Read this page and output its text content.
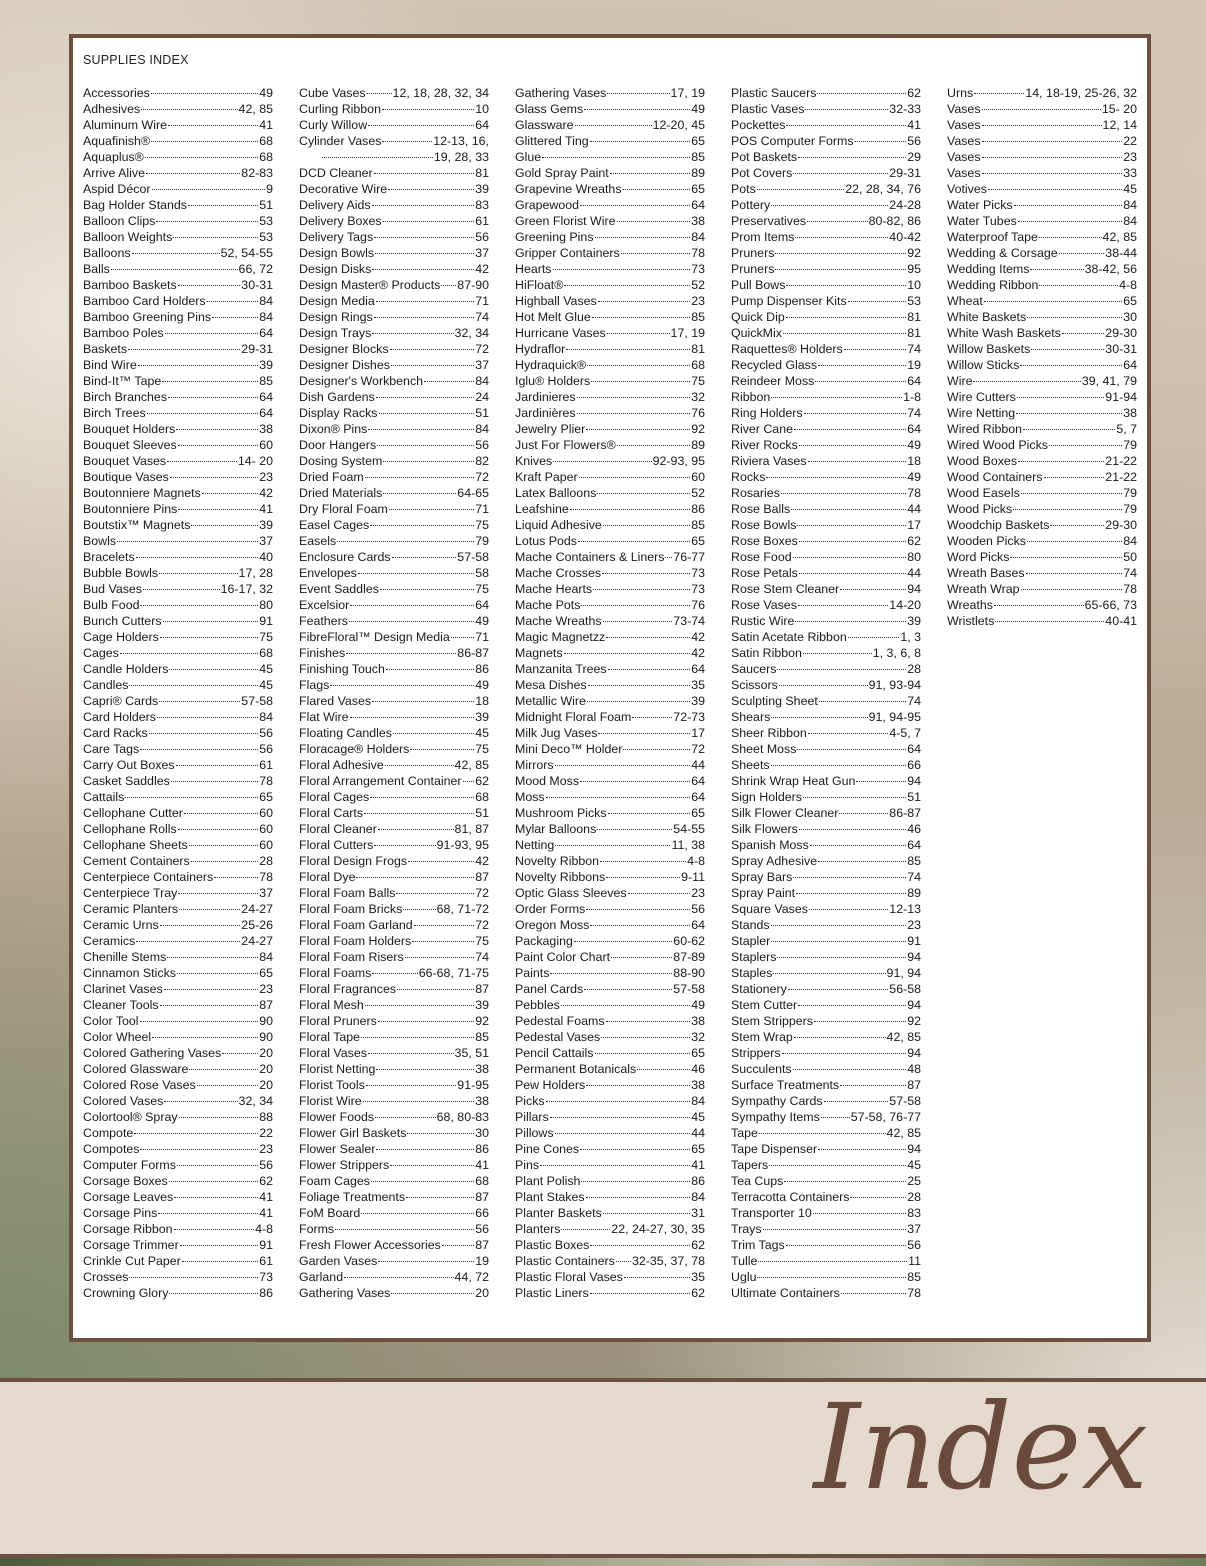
SUPPLIES INDEX
Accessories	49
Adhesives	42, 85
Aluminum Wire	41
Aquafinish®	68
Aquaplus®	68
Arrive Alive	82-83
Aspid Décor	9
Bag Holder Stands	51
Balloon Clips	53
Balloon Weights	53
Balloons	52, 54-55
Balls	66, 72
Bamboo Baskets	30-31
Bamboo Card Holders	84
Bamboo Greening Pins	84
Bamboo Poles	64
Baskets	29-31
Bind Wire	39
Bind-It™ Tape	85
Birch Branches	64
Birch Trees	64
Bouquet Holders	38
Bouquet Sleeves	60
Bouquet Vases	14- 20
Boutique Vases	23
Boutonniere Magnets	42
Boutonniere Pins	41
Boutstix™ Magnets	39
Bowls	37
Bracelets	40
Bubble Bowls	17, 28
Bud Vases	16-17, 32
Bulb Food	80
Bunch Cutters	91
Cage Holders	75
Cages	68
Candle Holders	45
Candles	45
Capri® Cards	57-58
Card Holders	84
Card Racks	56
Care Tags	56
Carry Out Boxes	61
Casket Saddles	78
Cattails	65
Cellophane Cutter	60
Cellophane Rolls	60
Cellophane Sheets	60
Cement Containers	28
Centerpiece Containers	78
Centerpiece Tray	37
Ceramic Planters	24-27
Ceramic Urns	25-26
Ceramics	24-27
Chenille Stems	84
Cinnamon Sticks	65
Clarinet Vases	23
Cleaner Tools	87
Color Tool	90
Color Wheel	90
Colored Gathering Vases	20
Colored Glassware	20
Colored Rose Vases	20
Colored Vases	32, 34
Colortool® Spray	88
Compote	22
Compotes	23
Computer Forms	56
Corsage Boxes	62
Corsage Leaves	41
Corsage Pins	41
Corsage Ribbon	4-8
Corsage Trimmer	91
Crinkle Cut Paper	61
Crosses	73
Crowning Glory	86
Cube Vases 12, 18, 28, 32, 34
Curling Ribbon	10
Curly Willow	64
Cylinder Vases	12-13, 16,
19, 28, 33
DCD Cleaner	81
Decorative Wire	39
Delivery Aids	83
Delivery Boxes	61
Delivery Tags	56
Design Bowls	37
Design Disks	42
Design Master® Products 87-90
Design Media	71
Design Rings	74
Design Trays	32, 34
Designer Blocks	72
Designer Dishes	37
Designer's Workbench	84
Dish Gardens	24
Display Racks	51
Dixon® Pins	84
Door Hangers	56
Dosing System	82
Dried Foam	72
Dried Materials	64-65
Dry Floral Foam	71
Easel Cages	75
Easels	79
Enclosure Cards	57-58
Envelopes	58
Event Saddles	75
Excelsior	64
Feathers	49
FibreFloral™ Design Media 71
Finishes	86-87
Finishing Touch	86
Flags	49
Flared Vases	18
Flat Wire	39
Floating Candles	45
Floracage® Holders	75
Floral Adhesive	42, 85
Floral Arrangement Container 62
Floral Cages	68
Floral Carts	51
Floral Cleaner	81, 87
Floral Cutters	91-93, 95
Floral Design Frogs	42
Floral Dye	87
Floral Foam Balls	72
Floral Foam Bricks	68, 71-72
Floral Foam Garland	72
Floral Foam Holders	75
Floral Foam Risers	74
Floral Foams	66-68, 71-75
Floral Fragrances	87
Floral Mesh	39
Floral Pruners	92
Floral Tape	85
Floral Vases	35, 51
Florist Netting	38
Florist Tools	91-95
Florist Wire	38
Flower Foods	68, 80-83
Flower Girl Baskets	30
Flower Sealer	86
Flower Strippers	41
Foam Cages	68
Foliage Treatments	87
FoM Board	66
Forms	56
Fresh Flower Accessories	87
Garden Vases	19
Garland	44, 72
Gathering Vases	20
Gathering Vases	17, 19
Glass Gems	49
Glassware	12-20, 45
Glittered Ting	65
Glue	85
Gold Spray Paint	89
Grapevine Wreaths	65
Grapewood	64
Green Florist Wire	38
Greening Pins	84
Gripper Containers	78
Hearts	73
HiFloat®	52
Highball Vases	23
Hot Melt Glue	85
Hurricane Vases	17, 19
Hydraflor	81
Hydraquick®	68
Iglu® Holders	75
Jardinieres	32
Jardinières	76
Jewelry Plier	92
Just For Flowers®	89
Knives	92-93, 95
Kraft Paper	60
Latex Balloons	52
Leafshine	86
Liquid Adhesive	85
Lotus Pods	65
Mache Containers & Liners 76-77
Mache Crosses	73
Mache Hearts	73
Mache Pots	76
Mache Wreaths	73-74
Magic Magnetzz	42
Magnets	42
Manzanita Trees	64
Mesa Dishes	35
Metallic Wire	39
Midnight Floral Foam	72-73
Milk Jug Vases	17
Mini Deco™ Holder	72
Mirrors	44
Mood Moss	64
Moss	64
Mushroom Picks	65
Mylar Balloons	54-55
Netting	11, 38
Novelty Ribbon	4-8
Novelty Ribbons	9-11
Optic Glass Sleeves	23
Order Forms	56
Oregon Moss	64
Packaging	60-62
Paint Color Chart	87-89
Paints	88-90
Panel Cards	57-58
Pebbles	49
Pedestal Foams	38
Pedestal Vases	32
Pencil Cattails	65
Permanent Botanicals	46
Pew Holders	38
Picks	84
Pillars	45
Pillows	44
Pine Cones	65
Pins	41
Plant Polish	86
Plant Stakes	84
Planter Baskets	31
Planters	22, 24-27, 30, 35
Plastic Boxes	62
Plastic Containers 32-35, 37, 78
Plastic Floral Vases	35
Plastic Liners	62
Plastic Saucers	62
Plastic Vases	32-33
Pockettes	41
POS Computer Forms	56
Pot Baskets	29
Pot Covers	29-31
Pots	22, 28, 34, 76
Pottery	24-28
Preservatives	80-82, 86
Prom Items	40-42
Pruners	92
Pruners	95
Pull Bows	10
Pump Dispenser Kits	53
Quick Dip	81
QuickMix	81
Raquettes® Holders	74
Recycled Glass	19
Reindeer Moss	64
Ribbon	1-8
Ring Holders	74
River Cane	64
River Rocks	49
Riviera Vases	18
Rocks	49
Rosaries	78
Rose Balls	44
Rose Bowls	17
Rose Boxes	62
Rose Food	80
Rose Petals	44
Rose Stem Cleaner	94
Rose Vases	14-20
Rustic Wire	39
Satin Acetate Ribbon	1, 3
Satin Ribbon	1, 3, 6, 8
Saucers	28
Scissors	91, 93-94
Sculpting Sheet	74
Shears	91, 94-95
Sheer Ribbon	4-5, 7
Sheet Moss	64
Sheets	66
Shrink Wrap Heat Gun	94
Sign Holders	51
Silk Flower Cleaner	86-87
Silk Flowers	46
Spanish Moss	64
Spray Adhesive	85
Spray Bars	74
Spray Paint	89
Square Vases	12-13
Stands	23
Stapler	91
Staplers	94
Staples	91, 94
Stationery	56-58
Stem Cutter	94
Stem Strippers	92
Stem Wrap	42, 85
Strippers	94
Succulents	48
Surface Treatments	87
Sympathy Cards	57-58
Sympathy Items 57-58, 76-77
Tape	42, 85
Tape Dispenser	94
Tapers	45
Tea Cups	25
Terracotta Containers	28
Transporter 10	83
Trays	37
Trim Tags	56
Tulle	11
Uglu	85
Ultimate Containers	78
Urns	14, 18-19, 25-26, 32
Vases	15- 20
Vases	12, 14
Vases	22
Vases	23
Vases	33
Votives	45
Water Picks	84
Water Tubes	84
Waterproof Tape	42, 85
Wedding & Corsage	38-44
Wedding Items	38-42, 56
Wedding Ribbon	4-8
Wheat	65
White Baskets	30
White Wash Baskets	29-30
Willow Baskets	30-31
Willow Sticks	64
Wire	39, 41, 79
Wire Cutters	91-94
Wire Netting	38
Wired Ribbon	5, 7
Wired Wood Picks	79
Wood Boxes	21-22
Wood Containers	21-22
Wood Easels	79
Wood Picks	79
Woodchip Baskets	29-30
Wooden Picks	84
Word Picks	50
Wreath Bases	74
Wreath Wrap	78
Wreaths	65-66, 73
Wristlets	40-41
Index
